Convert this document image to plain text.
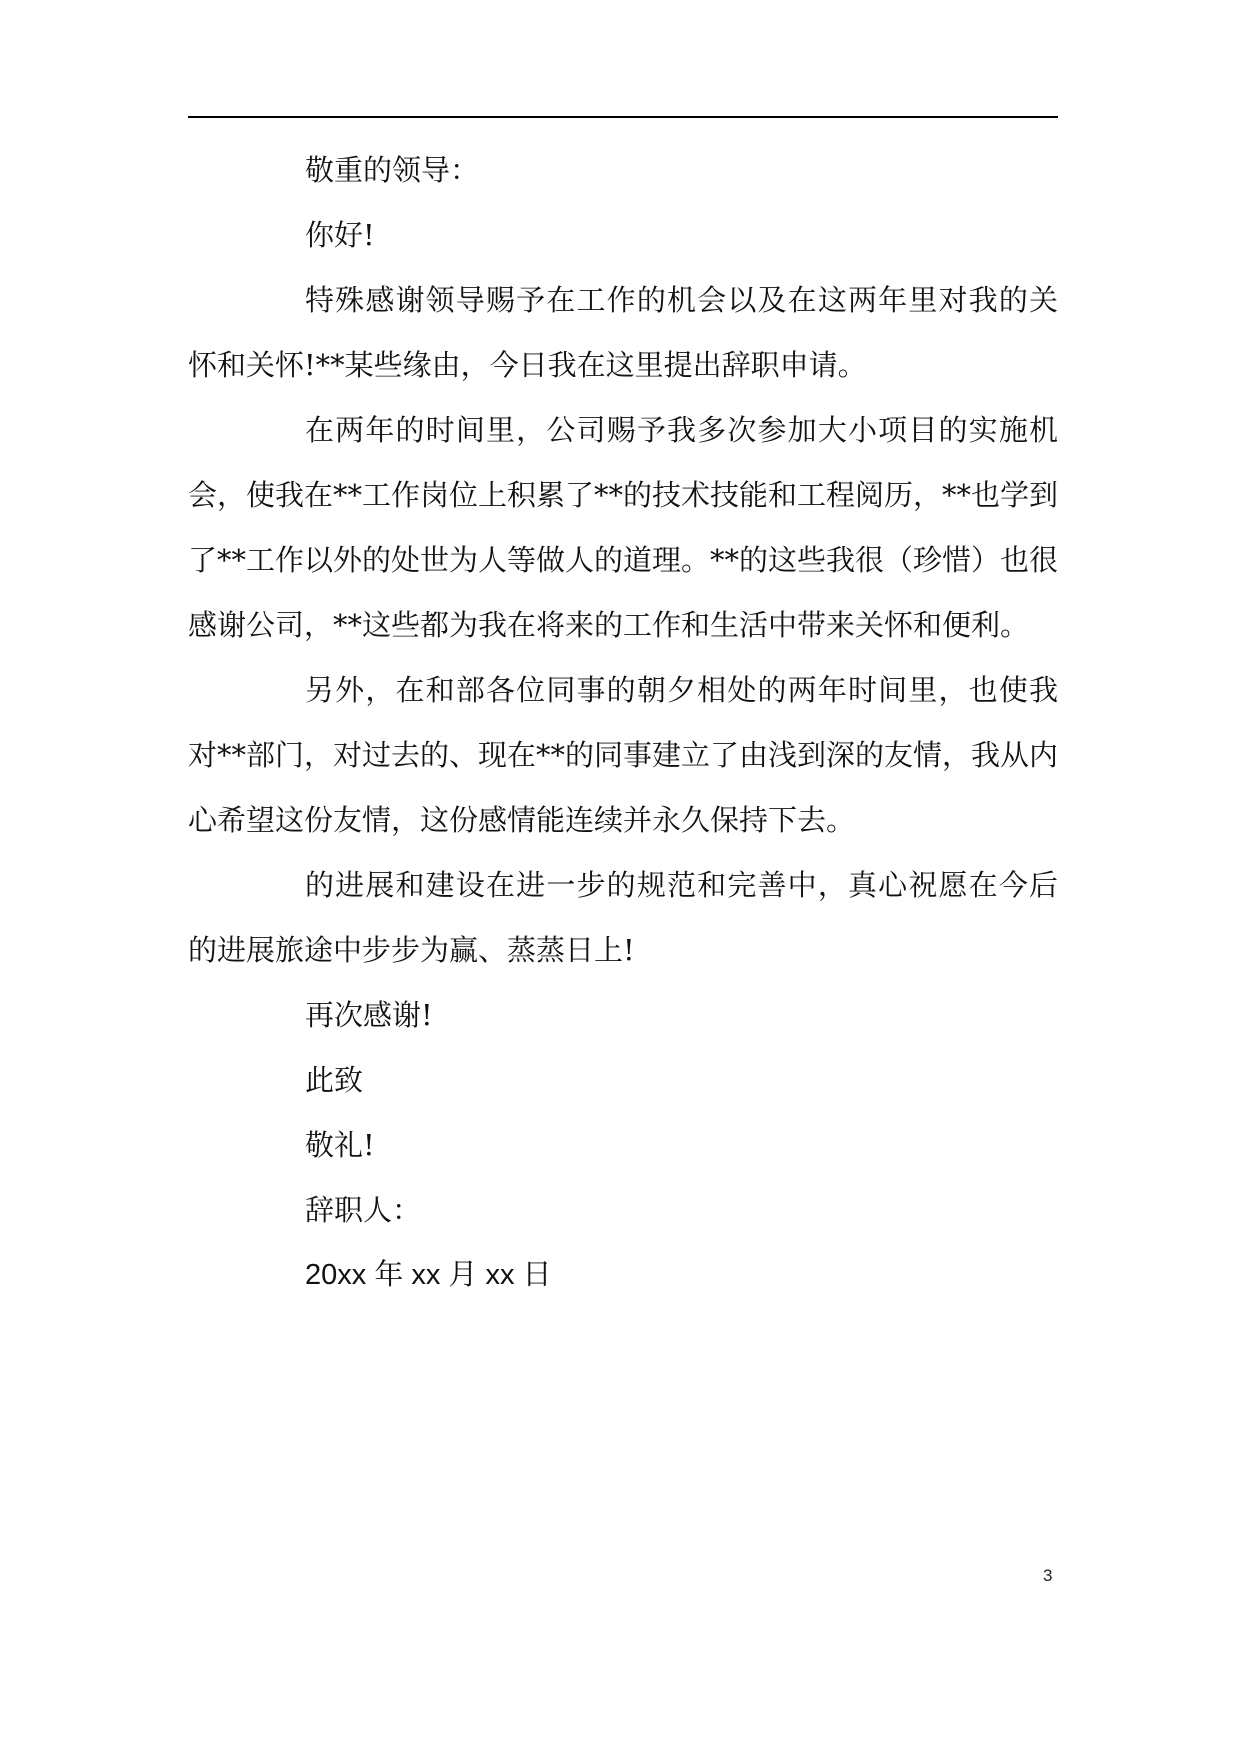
敬重的领导：

你好!

特殊感谢领导赐予在工作的机会以及在这两年里对我的关怀和关怀!**某些缘由，今日我在这里提出辞职申请。

在两年的时间里，公司赐予我多次参加大小项目的实施机会，使我在**工作岗位上积累了**的技术技能和工程阅历，**也学到了**工作以外的处世为人等做人的道理。**的这些我很（珍惜）也很感谢公司，**这些都为我在将来的工作和生活中带来关怀和便利。

另外，在和部各位同事的朝夕相处的两年时间里，也使我对**部门，对过去的、现在**的同事建立了由浅到深的友情，我从内心希望这份友情，这份感情能连续并永久保持下去。

的进展和建设在进一步的规范和完善中，真心祝愿在今后的进展旅途中步步为赢、蒸蒸日上!

再次感谢!

此致

敬礼!

辞职人：

20xx 年 xx 月 xx 日

3
